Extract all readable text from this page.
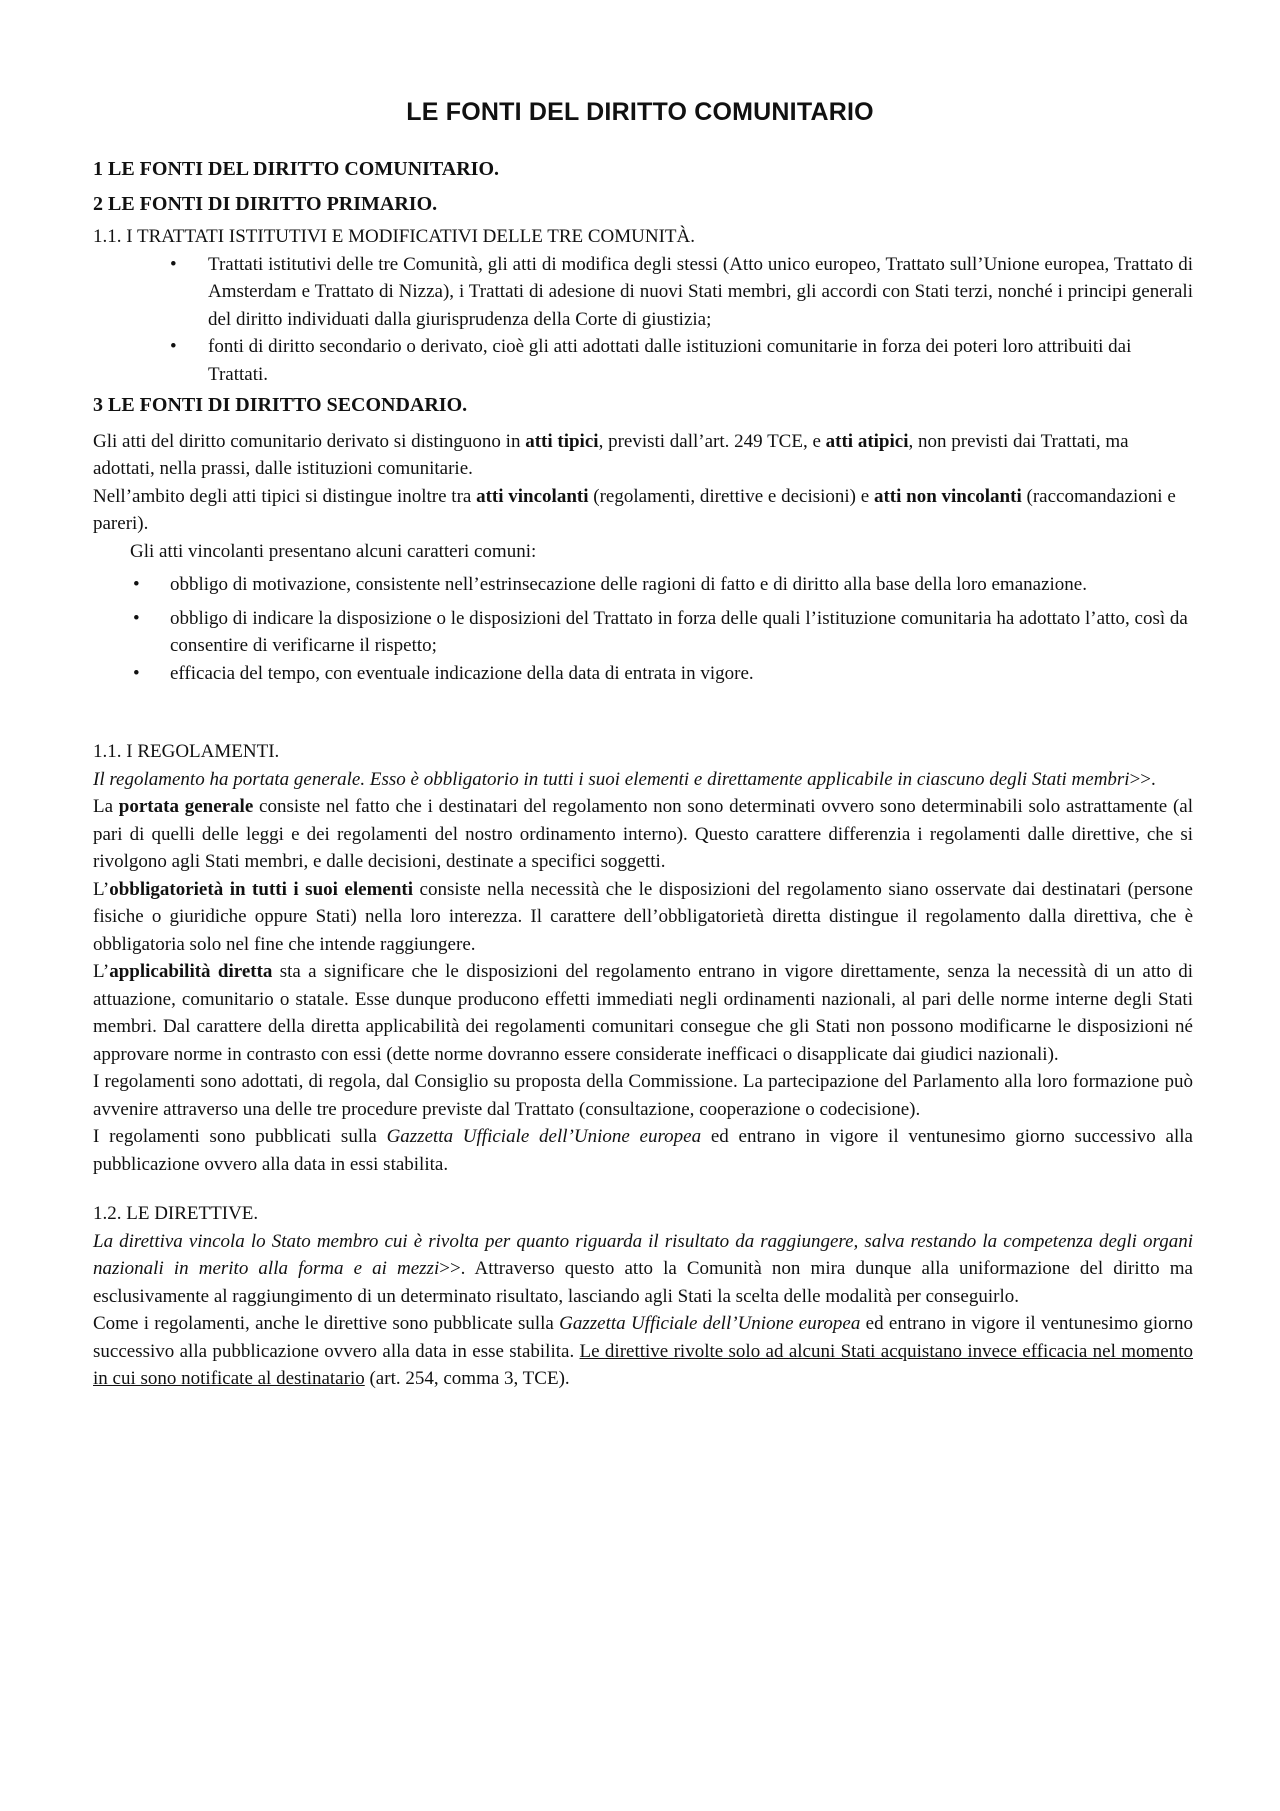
LE FONTI DEL DIRITTO COMUNITARIO

1 LE FONTI DEL DIRITTO COMUNITARIO.

2 LE FONTI DI DIRITTO PRIMARIO.

1.1. I TRATTATI ISTITUTIVI E MODIFICATIVI DELLE TRE COMUNITÀ.

• Trattati istitutivi delle tre Comunità, gli atti di modifica degli stessi (Atto unico europeo, Trattato sull’Unione europea, Trattato di Amsterdam e Trattato di Nizza), i Trattati di adesione di nuovi Stati membri, gli accordi con Stati terzi, nonché i principi generali del diritto individuati dalla giurisprudenza della Corte di giustizia;
• fonti di diritto secondario o derivato, cioè gli atti adottati dalle istituzioni comunitarie in forza dei poteri loro attribuiti dai Trattati.

3 LE FONTI DI DIRITTO SECONDARIO.

Gli atti del diritto comunitario derivato si distinguono in atti tipici, previsti dall’art. 249 TCE, e atti atipici, non previsti dai Trattati, ma adottati, nella prassi, dalle istituzioni comunitarie.

Nell’ambito degli atti tipici si distingue inoltre tra atti vincolanti (regolamenti, direttive e decisioni) e atti non vincolanti (raccomandazioni e pareri).

Gli atti vincolanti presentano alcuni caratteri comuni:

• obbligo di motivazione, consistente nell’estrinsecazione delle ragioni di fatto e di diritto alla base della loro emanazione.
• obbligo di indicare la disposizione o le disposizioni del Trattato in forza delle quali l’istituzione comunitaria ha adottato l’atto, così da consentire di verificarne il rispetto;
• efficacia del tempo, con eventuale indicazione della data di entrata in vigore.

1.1. I REGOLAMENTI.

Il regolamento ha portata generale. Esso è obbligatorio in tutti i suoi elementi e direttamente applicabile in ciascuno degli Stati membri>>.

La portata generale consiste nel fatto che i destinatari del regolamento non sono determinati ovvero sono determinabili solo astrattamente (al pari di quelli delle leggi e dei regolamenti del nostro ordinamento interno). Questo carattere differenzia i regolamenti dalle direttive, che si rivolgono agli Stati membri, e dalle decisioni, destinate a specifici soggetti.

L’obbligatorietà in tutti i suoi elementi consiste nella necessità che le disposizioni del regolamento siano osservate dai destinatari (persone fisiche o giuridiche oppure Stati) nella loro interezza. Il carattere dell’obbligatorietà diretta distingue il regolamento dalla direttiva, che è obbligatoria solo nel fine che intende raggiungere.

L’applicabilità diretta sta a significare che le disposizioni del regolamento entrano in vigore direttamente, senza la necessità di un atto di attuazione, comunitario o statale. Esse dunque producono effetti immediati negli ordinamenti nazionali, al pari delle norme interne degli Stati membri. Dal carattere della diretta applicabilità dei regolamenti comunitari consegue che gli Stati non possono modificarne le disposizioni né approvare norme in contrasto con essi (dette norme dovranno essere considerate inefficaci o disapplicate dai giudici nazionali).

I regolamenti sono adottati, di regola, dal Consiglio su proposta della Commissione. La partecipazione del Parlamento alla loro formazione può avvenire attraverso una delle tre procedure previste dal Trattato (consultazione, cooperazione o codecisione).

I regolamenti sono pubblicati sulla Gazzetta Ufficiale dell’Unione europea ed entrano in vigore il ventunesimo giorno successivo alla pubblicazione ovvero alla data in essi stabilita.

1.2. LE DIRETTIVE.

La direttiva vincola lo Stato membro cui è rivolta per quanto riguarda il risultato da raggiungere, salva restando la competenza degli organi nazionali in merito alla forma e ai mezzi>>. Attraverso questo atto la Comunità non mira dunque alla uniformazione del diritto ma esclusivamente al raggiungimento di un determinato risultato, lasciando agli Stati la scelta delle modalità per conseguirlo.

Come i regolamenti, anche le direttive sono pubblicate sulla Gazzetta Ufficiale dell’Unione europea ed entrano in vigore il ventunesimo giorno successivo alla pubblicazione ovvero alla data in esse stabilita. Le direttive rivolte solo ad alcuni Stati acquistano invece efficacia nel momento in cui sono notificate al destinatario (art. 254, comma 3, TCE).
